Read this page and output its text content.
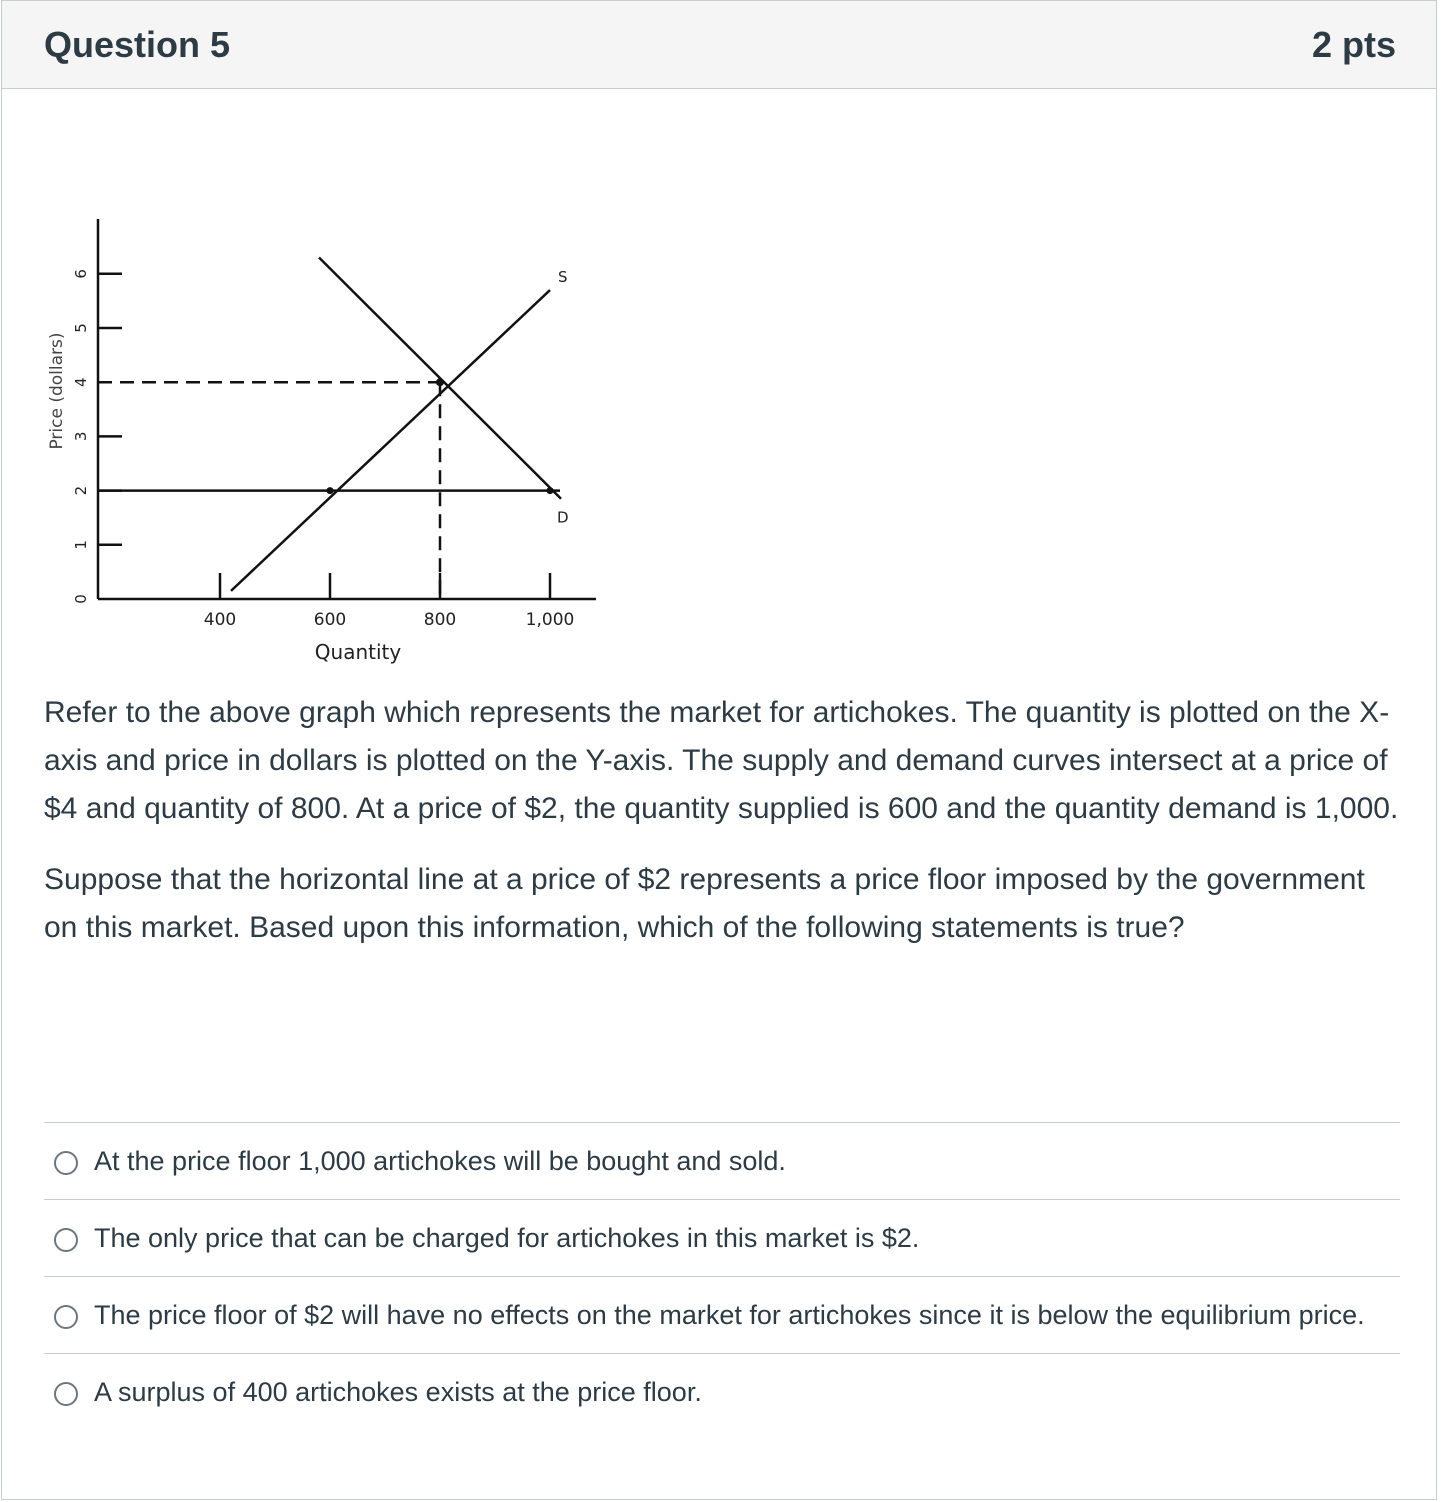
Question 5	2 pts
0
1
2
3
4
5
6
400	600	800	1,000
Quantity
Price (dollars)
S
D

Refer to the above graph which represents the market for artichokes. The quantity is plotted on the X-axis and price in dollars is plotted on the Y-axis. The supply and demand curves intersect at a price of $4 and quantity of 800. At a price of $2, the quantity supplied is 600 and the quantity demand is 1,000.

Suppose that the horizontal line at a price of $2 represents a price floor imposed by the government on this market. Based upon this information, which of the following statements is true?

At the price floor 1,000 artichokes will be bought and sold.
The only price that can be charged for artichokes in this market is $2.
The price floor of $2 will have no effects on the market for artichokes since it is below the equilibrium price.
A surplus of 400 artichokes exists at the price floor.
